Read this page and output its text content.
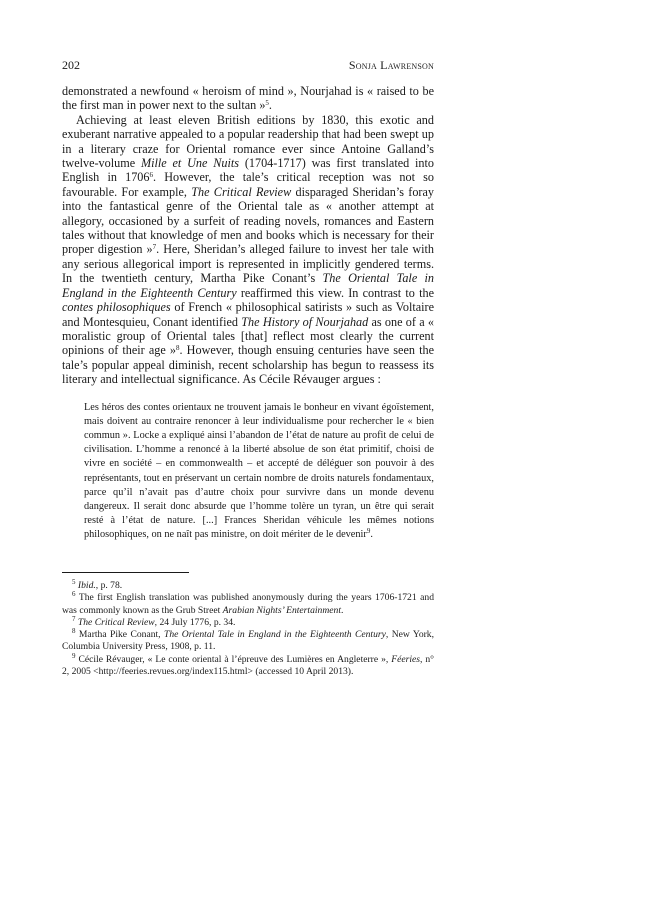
202	Sonja Lawrenson

demonstrated a newfound « heroism of mind », Nourjahad is « raised to be the first man in power next to the sultan »$^5$.

Achieving at least eleven British editions by 1830, this exotic and exuberant narrative appealed to a popular readership that had been swept up in a literary craze for Oriental romance ever since Antoine Galland’s twelve-volume Mille et Une Nuits (1704-1717) was first translated into English in 1706$^6$. However, the tale’s critical reception was not so favourable. For example, The Critical Review disparaged Sheridan’s foray into the fantastical genre of the Oriental tale as « another attempt at allegory, occasioned by a surfeit of reading novels, romances and Eastern tales without that knowledge of men and books which is necessary for their proper digestion »$^7$. Here, Sheridan’s alleged failure to invest her tale with any serious allegorical import is represented in implicitly gendered terms. In the twentieth century, Martha Pike Conant’s The Oriental Tale in England in the Eighteenth Century reaffirmed this view. In contrast to the contes philosophiques of French « philosophical satirists » such as Voltaire and Montesquieu, Conant identified The History of Nourjahad as one of a « moralistic group of Oriental tales [that] reflect most clearly the current opinions of their age »$^8$. However, though ensuing centuries have seen the tale’s popular appeal diminish, recent scholarship has begun to reassess its literary and intellectual significance. As Cécile Révauger argues :

Les héros des contes orientaux ne trouvent jamais le bonheur en vivant égoïstement, mais doivent au contraire renoncer à leur individualisme pour rechercher le « bien commun ». Locke a expliqué ainsi l’abandon de l’état de nature au profit de celui de civilisation. L’homme a renoncé à la liberté absolue de son état primitif, choisi de vivre en société – en commonwealth – et accepté de déléguer son pouvoir à des représentants, tout en préservant un certain nombre de droits naturels fondamentaux, parce qu’il n’avait pas d’autre choix pour survivre dans un monde devenu dangereux. Il serait donc absurde que l’homme tolère un tyran, un être qui serait resté à l’état de nature. [...] Frances Sheridan véhicule les mêmes notions philosophiques, on ne naît pas ministre, on doit mériter de le devenir$^9$.

$^5$ Ibid., p. 78.

$^6$ The first English translation was published anonymously during the years 1706-1721 and was commonly known as the Grub Street Arabian Nights’ Entertainment.

$^7$ The Critical Review, 24 July 1776, p. 34.

$^8$ Martha Pike Conant, The Oriental Tale in England in the Eighteenth Century, New York, Columbia University Press, 1908, p. 11.

$^9$ Cécile Révauger, « Le conte oriental à l’épreuve des Lumières en Angleterre », Féeries, n° 2, 2005 <http://feeries.revues.org/index115.html> (accessed 10 April 2013).
